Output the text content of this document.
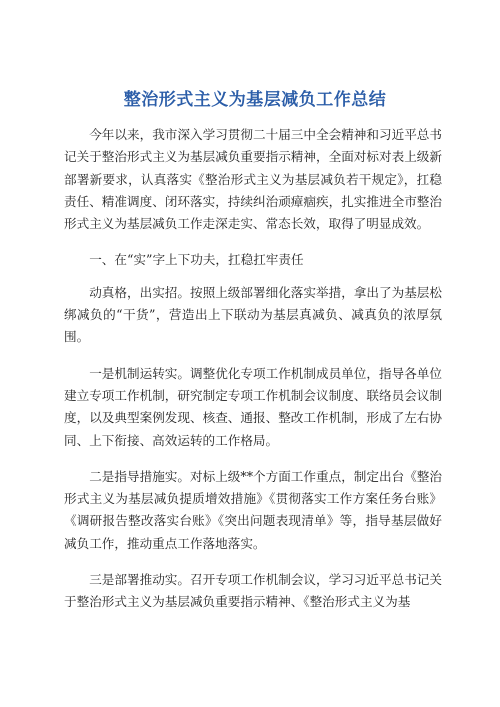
整治形式主义为基层减负工作总结

今年以来，我市深入学习贯彻二十届三中全会精神和习近平总书记关于整治形式主义为基层减负重要指示精神，全面对标对表上级新部署新要求，认真落实《整治形式主义为基层减负若干规定》，扛稳责任、精准调度、闭环落实，持续纠治顽瘴痼疾，扎实推进全市整治形式主义为基层减负工作走深走实、常态长效，取得了明显成效。

一、在“实”字上下功夫，扛稳扛牢责任

动真格，出实招。按照上级部署细化落实举措，拿出了为基层松绑减负的“干货”，营造出上下联动为基层真减负、减真负的浓厚氛围。

一是机制运转实。调整优化专项工作机制成员单位，指导各单位建立专项工作机制，研究制定专项工作机制会议制度、联络员会议制度，以及典型案例发现、核查、通报、整改工作机制，形成了左右协同、上下衔接、高效运转的工作格局。

二是指导措施实。对标上级**个方面工作重点，制定出台《整治形式主义为基层减负提质增效措施》《贯彻落实工作方案任务台账》《调研报告整改落实台账》《突出问题表现清单》等，指导基层做好减负工作，推动重点工作落地落实。

三是部署推动实。召开专项工作机制会议，学习习近平总书记关于整治形式主义为基层减负重要指示精神、《整治形式主义为基
